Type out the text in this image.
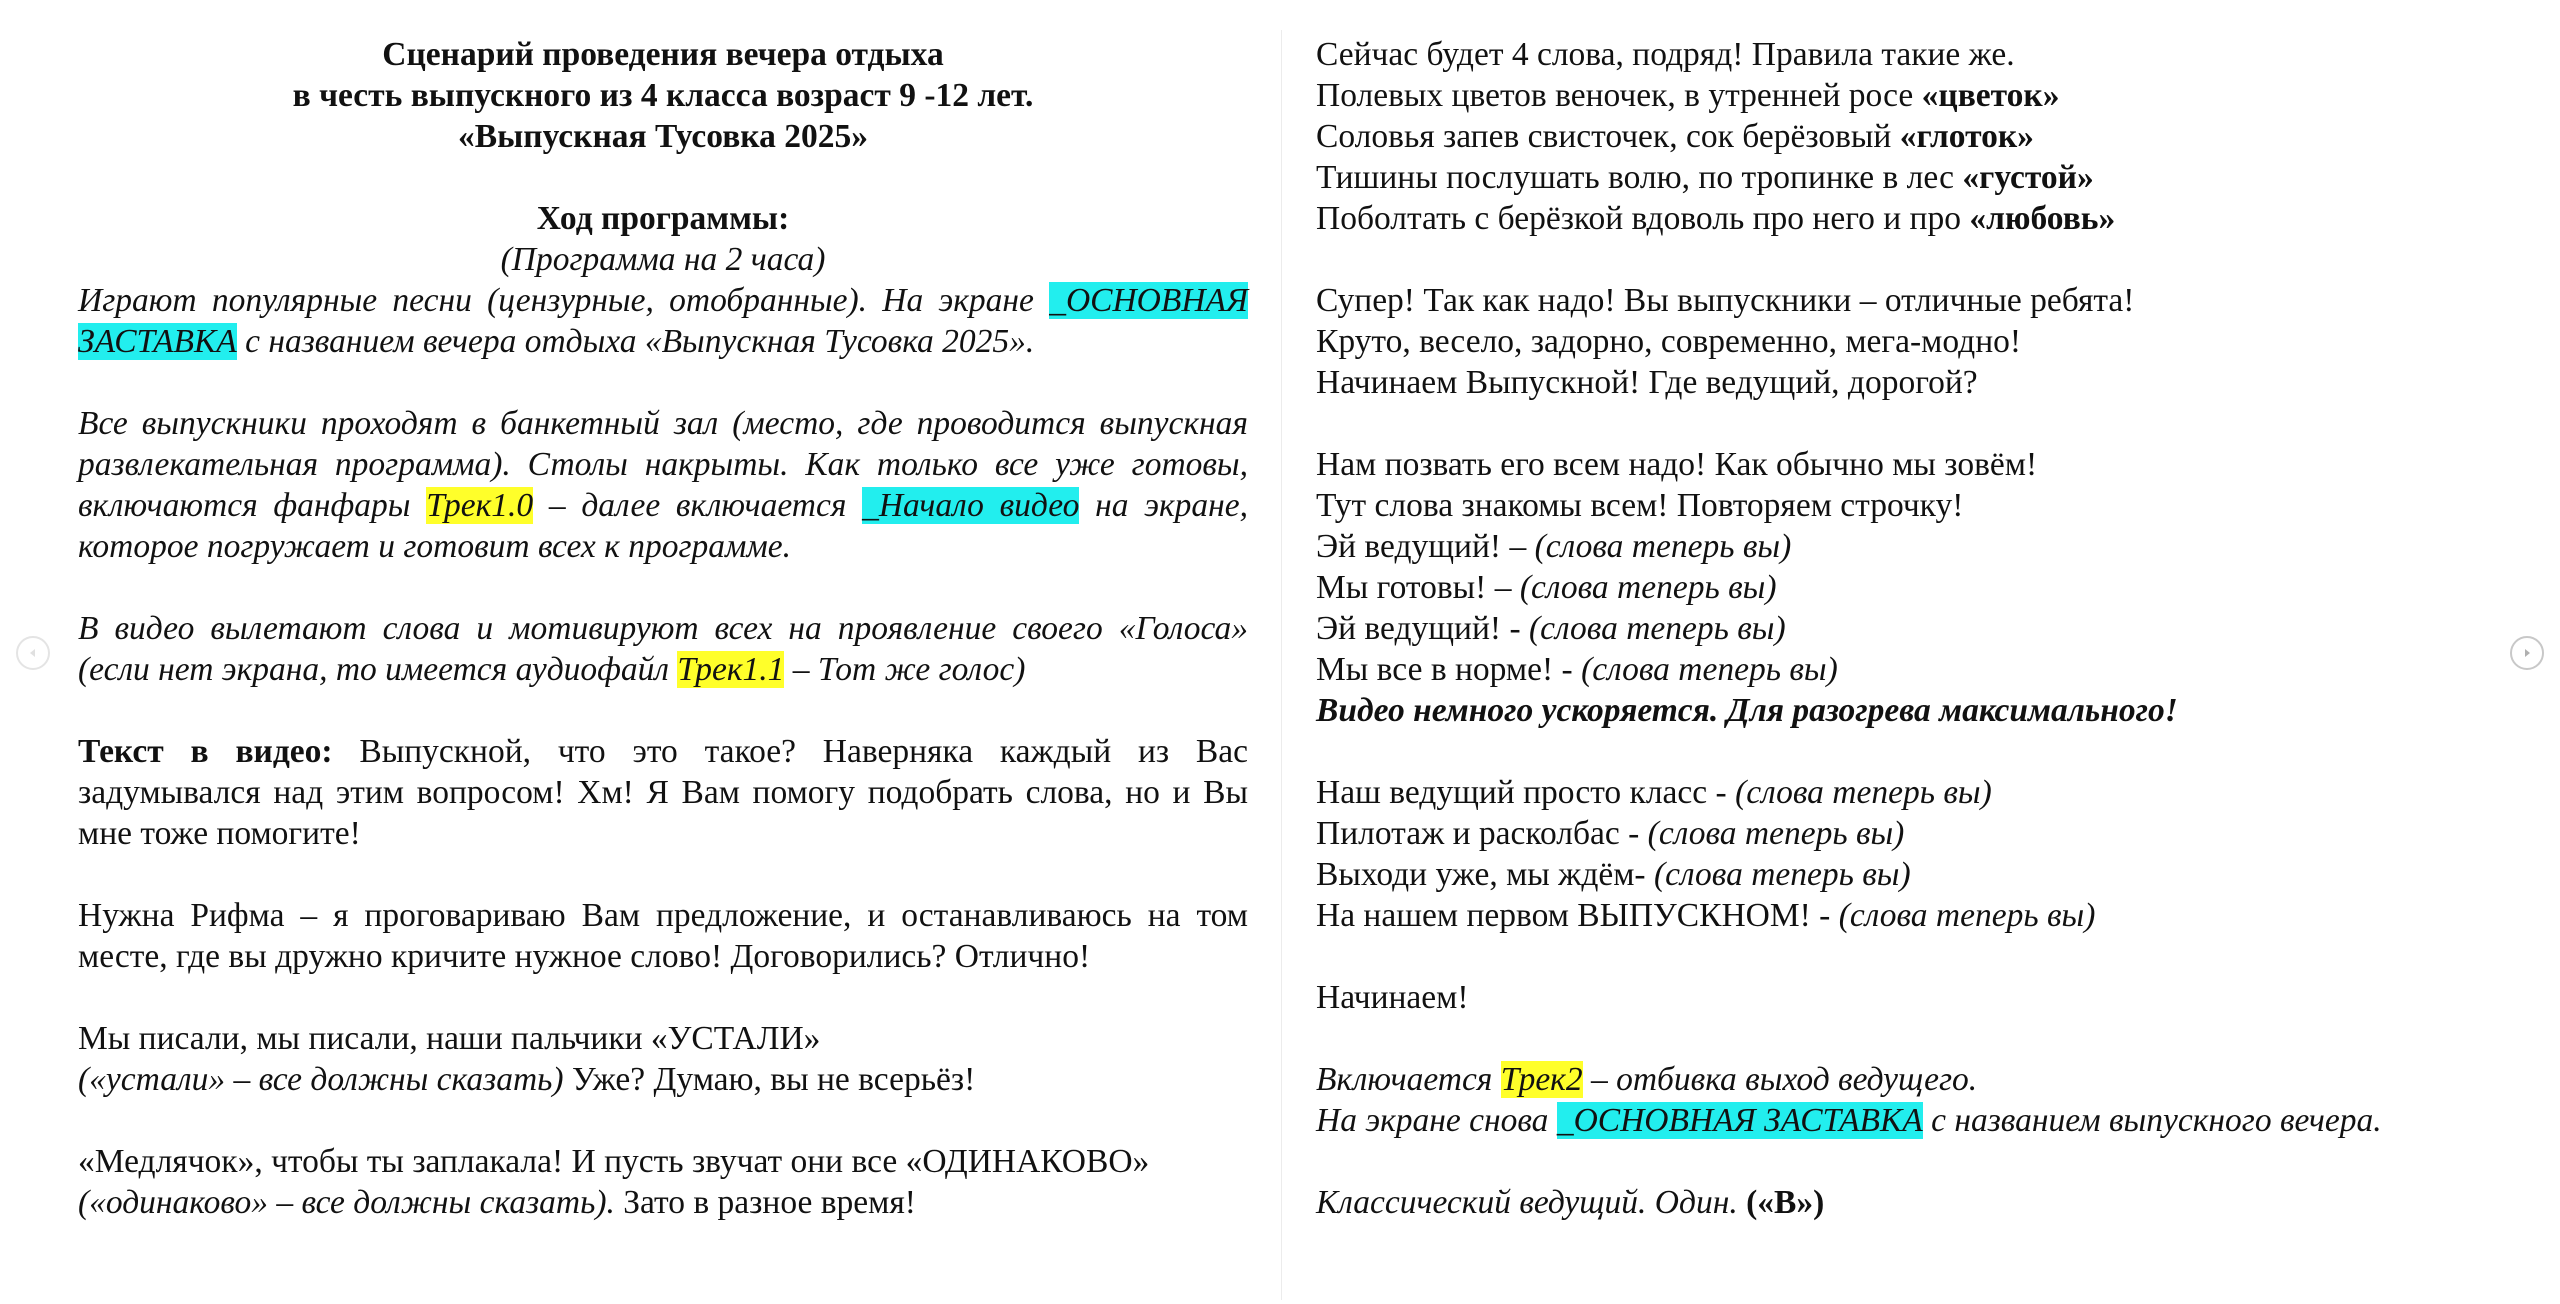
Сценарий проведения вечера отдыха

в честь выпускного из 4 класса возраст 9 -12 лет.

«Выпускная Тусовка 2025»

Ход программы:

(Программа на 2 часа)

Играют популярные песни (цензурные, отобранные). На экране _ОСНОВНАЯ ЗАСТАВКА с названием вечера отдыха «Выпускная Тусовка 2025».

Все выпускники проходят в банкетный зал (место, где проводится выпускная развлекательная программа). Столы накрыты. Как только все уже готовы, включаются фанфары Трек1.0 – далее включается _Начало видео на экране, которое погружает и готовит всех к программе.

В видео вылетают слова и мотивируют всех на проявление своего «Голоса» (если нет экрана, то имеется аудиофайл Трек1.1 – Тот же голос)

Текст в видео: Выпускной, что это такое? Наверняка каждый из Вас задумывался над этим вопросом! Хм! Я Вам помогу подобрать слова, но и Вы мне тоже помогите!

Нужна Рифма – я проговариваю Вам предложение, и останавливаюсь на том месте, где вы дружно кричите нужное слово! Договорились? Отлично!

Мы писали, мы писали, наши пальчики «УСТАЛИ»

(«устали» – все должны сказать) Уже? Думаю, вы не всерьёз!

«Медлячок», чтобы ты заплакала! И пусть звучат они все «ОДИНАКОВО»

(«одинаково» – все должны сказать). Зато в разное время!

Сейчас будет 4 слова, подряд! Правила такие же.

Полевых цветов веночек, в утренней росе «цветок»

Соловья запев свисточек, сок берёзовый «глоток»

Тишины послушать волю, по тропинке в лес «густой»

Поболтать с берёзкой вдоволь про него и про «любовь»

Супер! Так как надо! Вы выпускники – отличные ребята!

Круто, весело, задорно, современно, мега-модно!

Начинаем Выпускной! Где ведущий, дорогой?

Нам позвать его всем надо! Как обычно мы зовём!

Тут слова знакомы всем! Повторяем строчку!

Эй ведущий! – (слова теперь вы)

Мы готовы! – (слова теперь вы)

Эй ведущий! - (слова теперь вы)

Мы все в норме! - (слова теперь вы)

Видео немного ускоряется. Для разогрева максимального!

Наш ведущий просто класс - (слова теперь вы)

Пилотаж и расколбас - (слова теперь вы)

Выходи уже, мы ждём- (слова теперь вы)

На нашем первом ВЫПУСКНОМ! - (слова теперь вы)

Начинаем!

Включается Трек2 – отбивка выход ведущего.

На экране снова _ОСНОВНАЯ ЗАСТАВКА с названием выпускного вечера.

Классический ведущий. Один. («В»)
